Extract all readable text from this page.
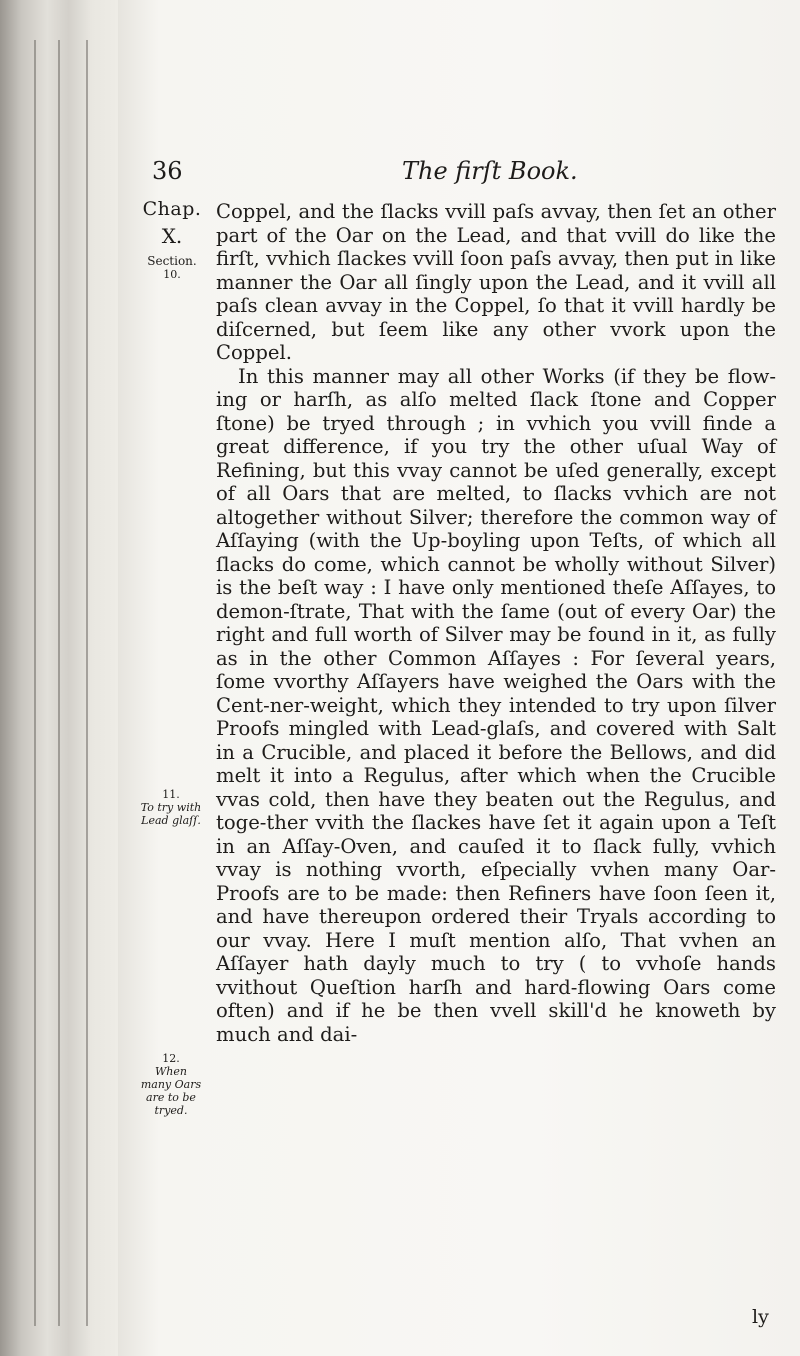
36	The firſt Book.
Chap.
X.
Section.
10.
11.
To try with Lead glaſſ.
12.
When many Oars are to be tryed.

Coppel, and the ſlacks vvill paſs avvay, then ſet an other part of the Oar on the Lead, and that vvill do like the firſt, vvhich ſlackes vvill ſoon paſs avvay, then put in like manner the Oar all ſingly upon the Lead, and it vvill all paſs clean avvay in the Coppel, ſo that it vvill hardly be diſcerned, but ſeem like any other vvork upon the Coppel.

In this manner may all other Works (if they be flow-ing or harſh, as alſo melted ſlack ſtone and Copper ſtone) be tryed through ; in vvhich you vvill finde a great difference, if you try the other uſual Way of Refining, but this vvay cannot be uſed generally, except of all Oars that are melted, to ſlacks vvhich are not altogether without Silver; therefore the common way of Aſſaying (with the Up-boyling upon Teſts, of which all ſlacks do come, which cannot be wholly without Silver) is the beſt way : I have only mentioned theſe Aſſayes, to demon-ſtrate, That with the ſame (out of every Oar) the right and full worth of Silver may be found in it, as fully as in the other Common Aſſayes : For ſeveral years, ſome vvorthy Aſſayers have weighed the Oars with the Cent-ner-weight, which they intended to try upon ſilver Proofs mingled with Lead-glaſs, and covered with Salt in a Crucible, and placed it before the Bellows, and did melt it into a Regulus, after which when the Crucible vvas cold, then have they beaten out the Regulus, and toge-ther vvith the ſlackes have ſet it again upon a Teſt in an Aſſay-Oven, and cauſed it to ſlack fully, vvhich vvay is nothing vvorth, eſpecially vvhen many Oar-Proofs are to be made: then Refiners have ſoon ſeen it, and have thereupon ordered their Tryals according to our vvay. Here I muſt mention alſo, That vvhen an Aſſayer hath dayly much to try ( to vvhoſe hands vvithout Queſtion harſh and hard-flowing Oars come often) and if he be then vvell skill'd he knoweth by much and dai-

ly
